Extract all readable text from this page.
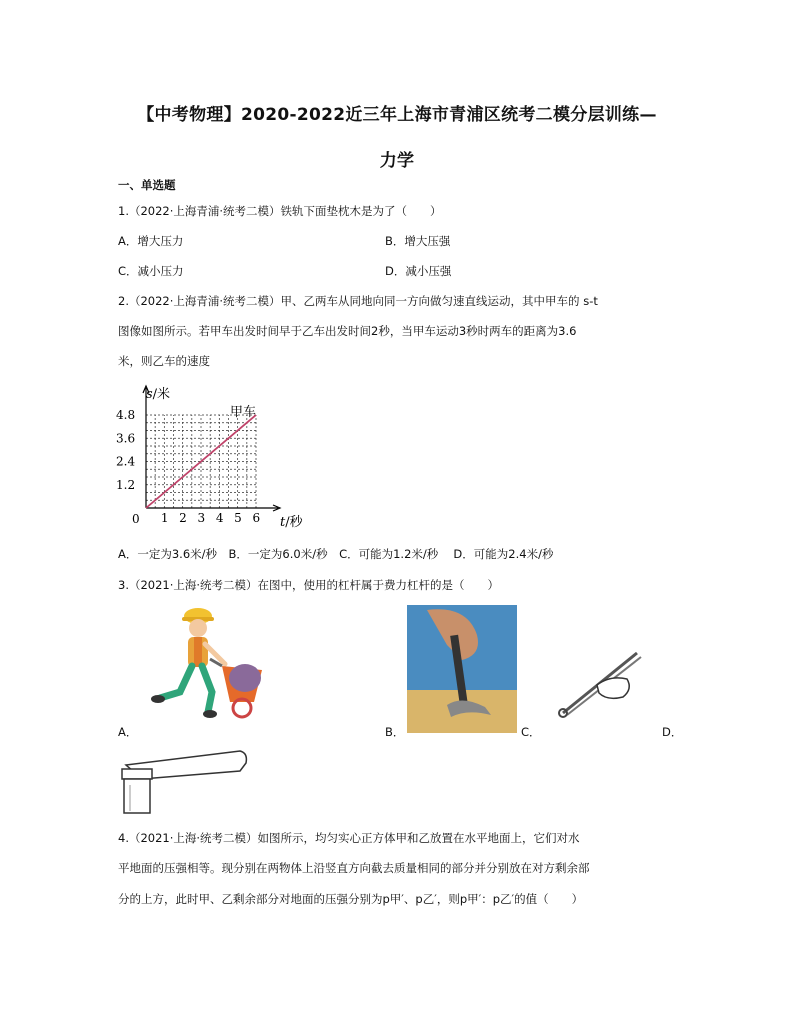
【中考物理】2020-2022近三年上海市青浦区统考二模分层训练—
力学
一、单选题
1.（2022·上海青浦·统考二模）铁轨下面垫枕木是为了（　　）
A．增大压力	B．增大压强
C．减小压力	D．减小压强
2.（2022·上海青浦·统考二模）甲、乙两车从同地向同一方向做匀速直线运动，其中甲车的 s-t
图像如图所示。若甲车出发时间早于乙车出发时间2秒，当甲车运动3秒时两车的距离为3.6
米，则乙车的速度
1 2 3 4 5 6
1.2
2.4
3.6
4.8
s/米
t/秒
甲车
0
A．一定为3.6米/秒　B．一定为6.0米/秒　C．可能为1.2米/秒　 D．可能为2.4米/秒
3.（2021·上海·统考二模）在图中，使用的杠杆属于费力杠杆的是（　　）
A．	B．	C．	D．
4.（2021·上海·统考二模）如图所示，均匀实心正方体甲和乙放置在水平地面上，它们对水
平地面的压强相等。现分别在两物体上沿竖直方向截去质量相同的部分并分别放在对方剩余部
分的上方，此时甲、乙剩余部分对地面的压强分别为p甲′、p乙′，则p甲′：p乙′的值（　　）
